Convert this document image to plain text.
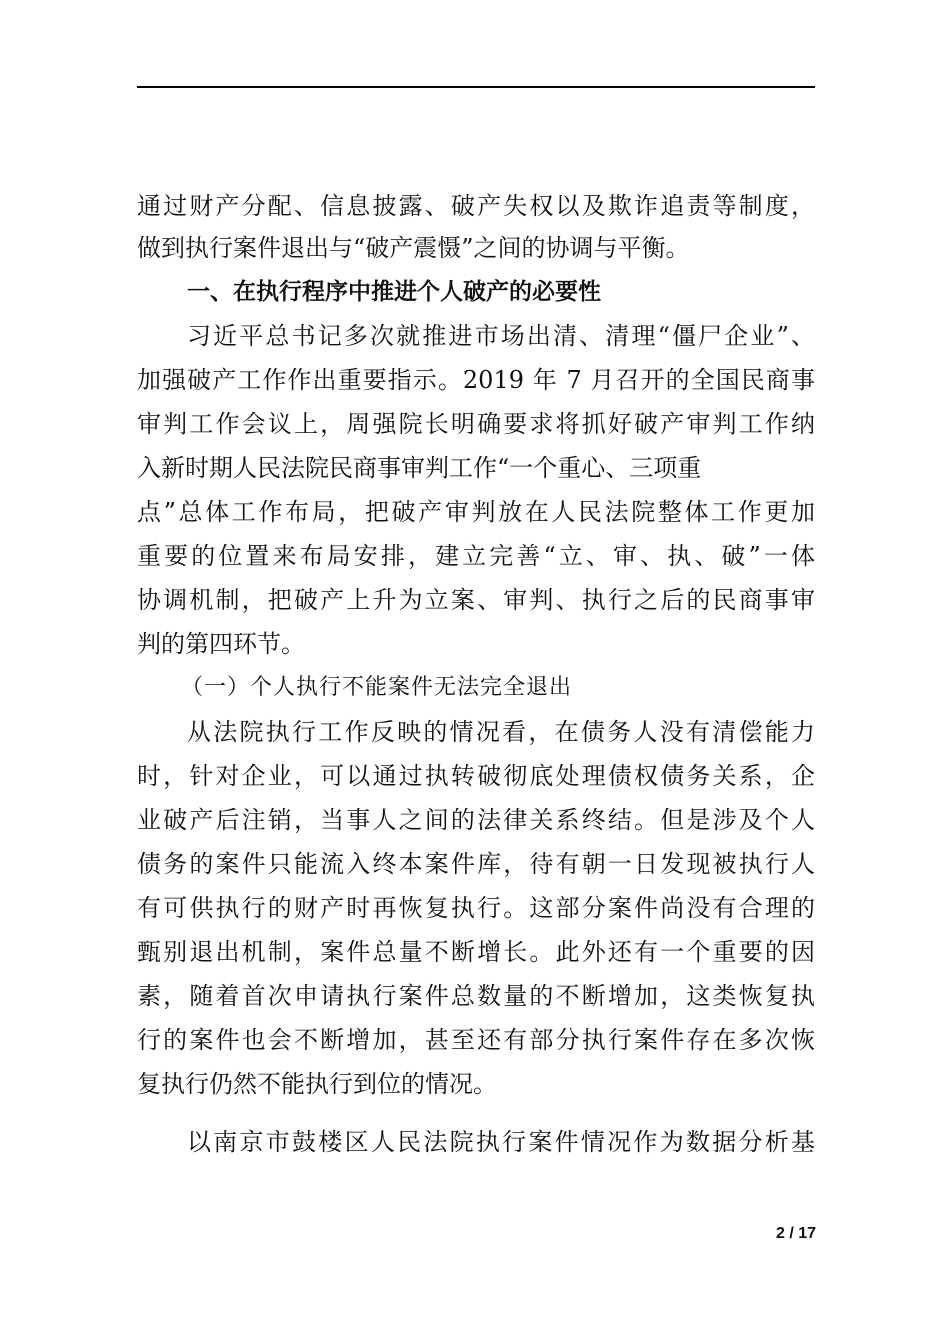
通过财产分配、信息披露、破产失权以及欺诈追责等制度，
做到执行案件退出与“破产震慑”之间的协调与平衡。
一、在执行程序中推进个人破产的必要性
习近平总书记多次就推进市场出清、清理“僵尸企业”、
加强破产工作作出重要指示。2019 年 7 月召开的全国民商事
审判工作会议上，周强院长明确要求将抓好破产审判工作纳
入新时期人民法院民商事审判工作“一个重心、三项重
点”总体工作布局，把破产审判放在人民法院整体工作更加
重要的位置来布局安排，建立完善“立、审、执、破”一体
协调机制，把破产上升为立案、审判、执行之后的民商事审
判的第四环节。
（一）个人执行不能案件无法完全退出
从法院执行工作反映的情况看，在债务人没有清偿能力
时，针对企业，可以通过执转破彻底处理债权债务关系，企
业破产后注销，当事人之间的法律关系终结。但是涉及个人
债务的案件只能流入终本案件库，待有朝一日发现被执行人
有可供执行的财产时再恢复执行。这部分案件尚没有合理的
甄别退出机制，案件总量不断增长。此外还有一个重要的因
素，随着首次申请执行案件总数量的不断增加，这类恢复执
行的案件也会不断增加，甚至还有部分执行案件存在多次恢
复执行仍然不能执行到位的情况。
以南京市鼓楼区人民法院执行案件情况作为数据分析基
2 / 17
